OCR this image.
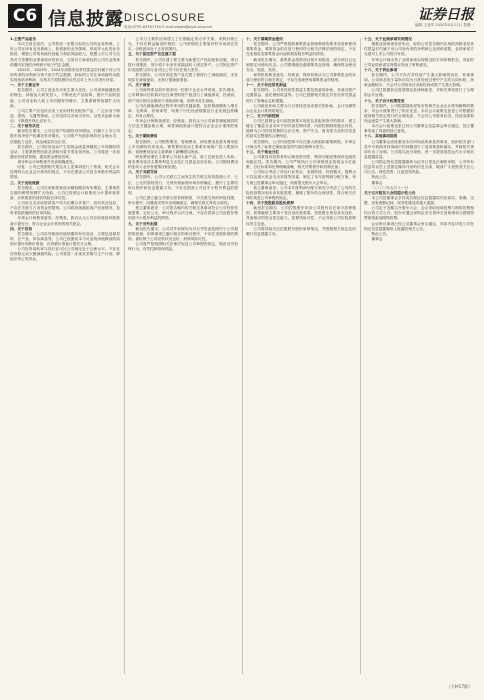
C6 信息披露 DISCLOSURE
电话:0755-83501750 E-mail:zqsbs@zqrb.sina.net
证券日报
编辑 王尧华 2020年5月11日 星期一

1.主要产品报告

本次交易完成后，公司将进一步整合标的公司的业务资源，上市公司在现有业务基础上，拓展新的业务领域，形成多元化的业务格局，增强公司的持续经营能力和抗风险能力。根据上市公司与交易对方签署的业绩承诺补偿协议，交易对方承诺标的公司在业绩承诺期内实现的净利润不低于约定金额。

2022年、2023年、2024年扣除非经常性损益后归属于母公司所有者的净利润分别不低于约定数额，如标的公司在承诺期内未能实现承诺净利润，交易对方将按照协议约定对上市公司进行补偿。

一、关于主营业务

报告期内，公司主营业务未发生重大变化。公司秉承稳健经营的理念，持续加大研发投入，不断优化产品结构，提升产品附加值，公司营业收入较上年同期有所增长，主要系销售规模扩大所致。

公司主要产品包括各类工业用材料及配套产品，广泛应用于制造、建筑、交通等领域。公司坚持以市场为导向，以技术创新为驱动，不断提升核心竞争力。

二、关于财务状况

截至报告期末，公司总资产较期初有所增加，归属于上市公司股东的净资产较期初有所增长。公司资产负债率保持在合理水平，偿债能力良好，现金流量状况正常。

报告期内，公司经营活动产生的现金流量净额较上年同期有所变动，主要系销售回款及采购付款节奏变化所致。公司将进一步加强应收账款管理，提高资金使用效率。

请年审会计师核查并发表明确意见。

回复：公司已按照相关规定对上述事项进行了核查，相关会计处理符合企业会计准则的规定，不存在损害公司及全体股东利益的情形。

三、关于应收账款

报告期末，公司应收账款账面余额较期初有所增加，主要系报告期内销售规模扩大所致。公司已按照会计政策充分计提坏账准备，应收账款的回收风险总体可控。

公司前五名应收账款客户均为长期合作客户，信用状况良好，不存在关联方占用资金的情形。公司将持续跟踪客户经营情况，及时采取措施防范信用风险。

年审会计师核查意见：经核查，我们认为公司应收账款坏账准备计提充分，符合企业会计准则的相关规定。

四、关于存货

报告期末，公司存货账面价值较期初有所变动，主要包括原材料、在产品、库存商品等。公司已按照成本与可变现净值孰低的原则计提存货跌价准备，存货跌价准备计提充分合理。

公司存货周转率与同行业可比公司相比处于合理水平，不存在存货积压或大额减值风险。公司将进一步优化采购与生产计划，降低存货占用资金。

公司与主要供应商建立了长期稳定的合作关系，采购价格公允，不存在利益输送的情形。公司采购的主要原材料市场供应充足，价格波动处于正常范围内。

五、关于固定资产及在建工程

报告期内，公司在建工程主要为新建生产线及配套设施，项目按计划推进，预计将于未来年度陆续转入固定资产。公司固定资产折旧政策与同行业可比公司不存在重大差异。

报告期末，公司对固定资产及在建工程进行了减值测试，未发现存在减值迹象，无需计提减值准备。

六、关于商誉

公司商誉系以前年度非同一控制下企业合并形成。报告期末，公司聘请评估机构对包含商誉的资产组进行了减值测试，经测试，资产组可收回金额高于其账面价值，商誉未发生减值。

公司在减值测试过程中采用的关键参数，包括预测期收入增长率、毛利率、折现率等，均基于历史经营数据及行业发展趋势确定，具有合理性。

年审会计师核查意见：经核查，我们认为公司商誉减值测试的方法及关键参数合理，商誉减值准备计提符合企业会计准则的规定。

七、关于期间费用

报告期内，公司销售费用、管理费用、研发费用及财务费用较上年同期均有所变动。销售费用变动主要系市场推广投入增加所致；管理费用变动主要系职工薪酬增加所致。

研发费用增长主要系公司加大新产品、新工艺研发投入所致；财务费用变动主要系利息支出及汇兑损益变化所致。公司期间费用的变动与业务发展情况相匹配。

八、关于关联交易

报告期内，公司与关联方之间发生的关联交易均按照公平、公正、公允的原则进行，交易价格参照市场价格确定，履行了必要的审议程序和信息披露义务，不存在损害公司及中小股东利益的情形。

公司已建立健全关联交易管理制度，对关联交易的审批权限、审议程序、回避表决等作出明确规定，确保关联交易的合规性。

独立董事意见：公司报告期内的关联交易事项符合公司经营发展需要，定价公允，审议程序合法合规，不存在损害公司及股东特别是中小股东利益的情形。

九、关于对外担保

截至报告期末，公司对外担保均为对合并报表范围内子公司提供的担保，担保事项已履行相应的审议程序，不存在违规担保的情形。被担保子公司经营状况良好，担保风险可控。

公司将严格按照相关法律法规及公司章程的规定，规范对外担保行为，有效控制担保风险。

十、关于募集资金使用

报告期内，公司严格按照募集资金管理制度的要求存放和使用募集资金，募集资金的存放与使用符合相关法律法规的规定，不存在变相改变募集资金用途和损害股东利益的情形。

截至报告期末，募集资金投资项目按计划推进，部分项目已达到预定可使用状态。公司将继续加强募集资金管理，确保资金使用安全、规范、高效。

保荐机构核查意见：经核查，保荐机构认为公司募集资金的存放与使用符合相关规定，不存在违规使用募集资金的情形。

十一、关于非经常性损益

报告期内，公司非经常性损益主要包括政府补助、非流动资产处置损益、委托理财收益等。公司已按照相关规定对非经常性损益进行了准确认定和披露。

公司政府补助主要为与日常经营活动相关的补助，会计处理符合企业会计准则的规定。

十二、关于内部控制

公司已按照企业内部控制基本规范及其配套指引的要求，建立健全了覆盖各业务环节的内部控制体系，内部控制制度健全有效，能够为公司经营管理的合法合规、资产安全、财务报告及相关信息的真实完整提供合理保证。

报告期内，公司内部控制不存在重大缺陷和重要缺陷。年审会计师出具了标准无保留意见的内部控制审计报告。

十三、关于现金分红

公司重视对投资者的合理投资回报，利润分配政策保持连续性和稳定性。报告期内，公司严格执行公司章程规定的现金分红政策，分红标准和比例明确清晰，相关决策程序和机制完备。

公司综合考虑了所处行业特点、发展阶段、经营模式、盈利水平以及重大资金支出安排等因素，制定了本年度利润分配方案，该方案已经董事会审议通过，尚需提交股东大会审议。

独立董事意见：公司本年度利润分配方案充分考虑了公司的实际经营情况和未来发展需要，兼顾了股东的合理回报，符合相关法律法规及公司章程的规定。

十四、关于控股股东股份质押

截至报告期末，公司控股股东所持公司股份存在部分质押情形，质押融资主要用于其自身经营需要。控股股东资信状况良好，具备相应的资金偿还能力，质押风险可控，不会导致公司实际控制权发生变更。

公司将持续关注控股股东股份质押情况，并按照相关规定及时履行信息披露义务。

十五、关于业绩承诺实现情况

根据业绩承诺补偿协议，标的公司报告期内实现的扣除非经常性损益后归属于母公司所有者的净利润已达到承诺数，业绩承诺方无需对上市公司进行补偿。

年审会计师出具了业绩承诺实现情况的专项审核报告，对标的公司业绩承诺实现情况发表了审核意见。

十六、关于诉讼事项

报告期内，公司不存在对经营产生重大影响的诉讼、仲裁事项。公司涉及的少量诉讼均为日常经营过程中产生的合同纠纷，涉案金额较小，不会对公司财务状况和经营成果产生重大影响。

公司已根据诉讼进展情况及律师意见，对相关事项进行了合理的会计处理。

十七、关于会计政策变更

报告期内，公司根据财政部发布的相关企业会计准则解释的要求，对会计政策进行了相应变更。本次会计政策变更是公司根据财政部相关规定进行的合理变更，不会对公司财务状况、经营成果和现金流量产生重大影响。

本次会计政策变更已经公司董事会及监事会审议通过，独立董事发表了同意的独立意见。

十八、其他事项说明

公司董事会高度重视本次问询函所涉及的事项，组织相关部门及中介机构对问询函中的问题进行了逐项核查和落实，并就相关事项作出了说明。公司将以此为契机，进一步提高规范运作水平和信息披露质量。

公司指定的信息披露媒体为证券日报及巨潮资讯网，公司所有信息均以在上述指定媒体刊登的信息为准，敬请广大投资者关注公司公告，理性投资，注意投资风险。

特此公告。

董事会

二〇二〇年五月十一日

关于召开股东大会的提示性公告

本公司及董事会全体成员保证信息披露的内容真实、准确、完整，没有虚假记载、误导性陈述或重大遗漏。

公司定于近期召开股东大会，会议采取现场投票与网络投票相结合的方式召开。股东可通过深圳证券交易所交易系统和互联网投票系统参加网络投票。

会议审议事项已经公司董事会审议通过，具体内容详见公司在指定信息披露媒体上披露的相关公告。

特此公告。

董事会

（下转C7版）
